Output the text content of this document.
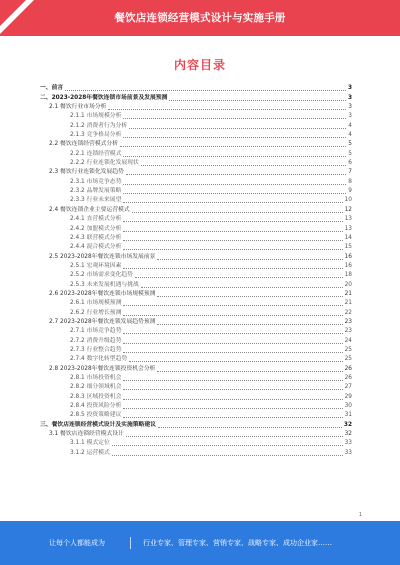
餐饮店连锁经营模式设计与实施手册
内容目录
一、前言	3
二、2023-2028年餐饮连锁市场前景及发展预测	3
2.1 餐饮行业市场分析	3
2.1.1 市场规模分析	3
2.1.2 消费者行为分析	4
2.1.3 竞争格局分析	4
2.2 餐饮连锁经营模式分析	5
2.2.1 连锁经营模式	5
2.2.2 行业连锁化发展现状	6
2.3 餐饮行业连锁化发展趋势	7
2.3.1 市场竞争态势	8
2.3.2 品牌发展策略	9
2.3.3 行业未来展望	10
2.4 餐饮连锁企业主要运营模式	12
2.4.1 直营模式分析	13
2.4.2 加盟模式分析	13
2.4.3 联营模式分析	14
2.4.4 混合模式分析	15
2.5 2023-2028年餐饮连锁市场发展前景	16
2.5.1 宏观环境因素	16
2.5.2 市场需求变化趋势	18
2.5.3 未来发展机遇与挑战	20
2.6 2023-2028年餐饮连锁市场规模预测	21
2.6.1 市场规模预测	21
2.6.2 行业增长预测	22
2.7 2023-2028年餐饮连锁发展趋势预测	23
2.7.1 市场竞争趋势	23
2.7.2 消费升级趋势	24
2.7.3 行业整合趋势	25
2.7.4 数字化转型趋势	25
2.8 2023-2028年餐饮连锁投资机会分析	26
2.8.1 市场投资机会	26
2.8.2 细分领域机会	27
2.8.3 区域投资机会	29
2.8.4 投资风险分析	30
2.8.5 投资策略建议	31
三、餐饮店连锁经营模式设计及实施策略建议	32
3.1 餐饮店连锁经营模式设计	32
3.1.1 模式定位	33
3.1.2 运营模式	33
1
让每个人都能成为	行业专家、管理专家、营销专家、战略专家、成功企业家……
